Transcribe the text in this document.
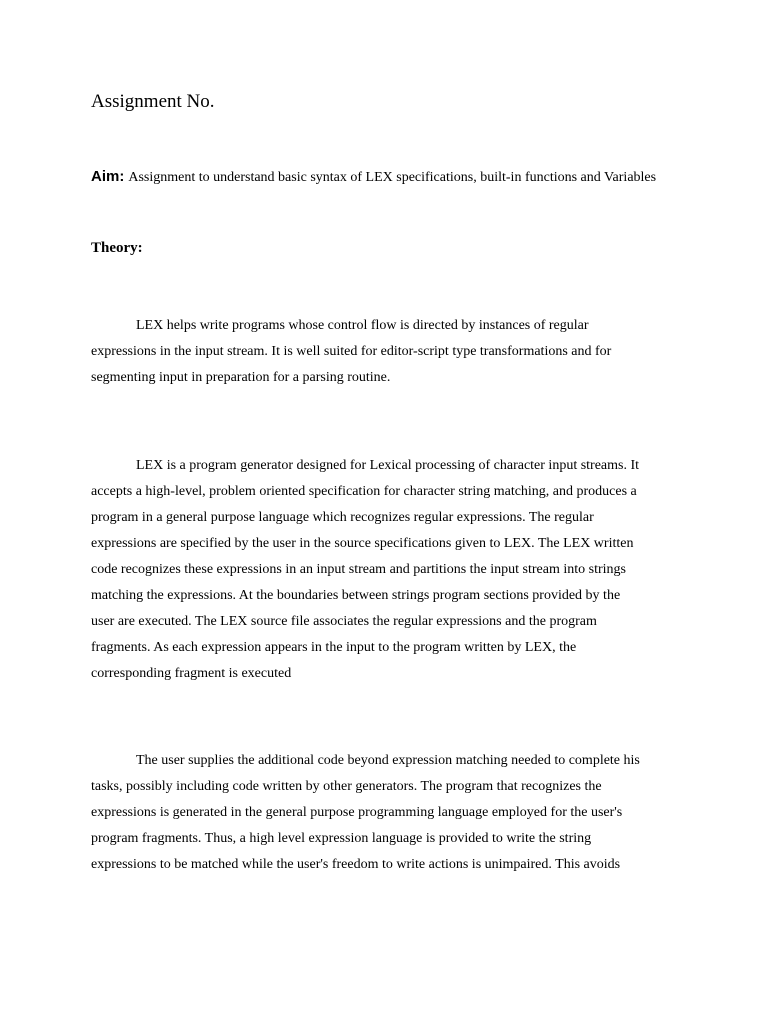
Assignment No.

Aim: Assignment to understand basic syntax of LEX specifications, built-in functions and Variables

Theory:
LEX helps write programs whose control flow is directed by instances of regular
expressions in the input stream. It is well suited for editor-script type transformations and for
segmenting input in preparation for a parsing routine.
LEX is a program generator designed for Lexical processing of character input streams. It
accepts a high-level, problem oriented specification for character string matching, and produces a
program in a general purpose language which recognizes regular expressions. The regular
expressions are specified by the user in the source specifications given to LEX. The LEX written
code recognizes these expressions in an input stream and partitions the input stream into strings
matching the expressions. At the boundaries between strings program sections provided by the
user are executed. The LEX source file associates the regular expressions and the program
fragments. As each expression appears in the input to the program written by LEX, the
corresponding fragment is executed
The user supplies the additional code beyond expression matching needed to complete his
tasks, possibly including code written by other generators. The program that recognizes the
expressions is generated in the general purpose programming language employed for the user's
program fragments. Thus, a high level expression language is provided to write the string
expressions to be matched while the user's freedom to write actions is unimpaired. This avoids
